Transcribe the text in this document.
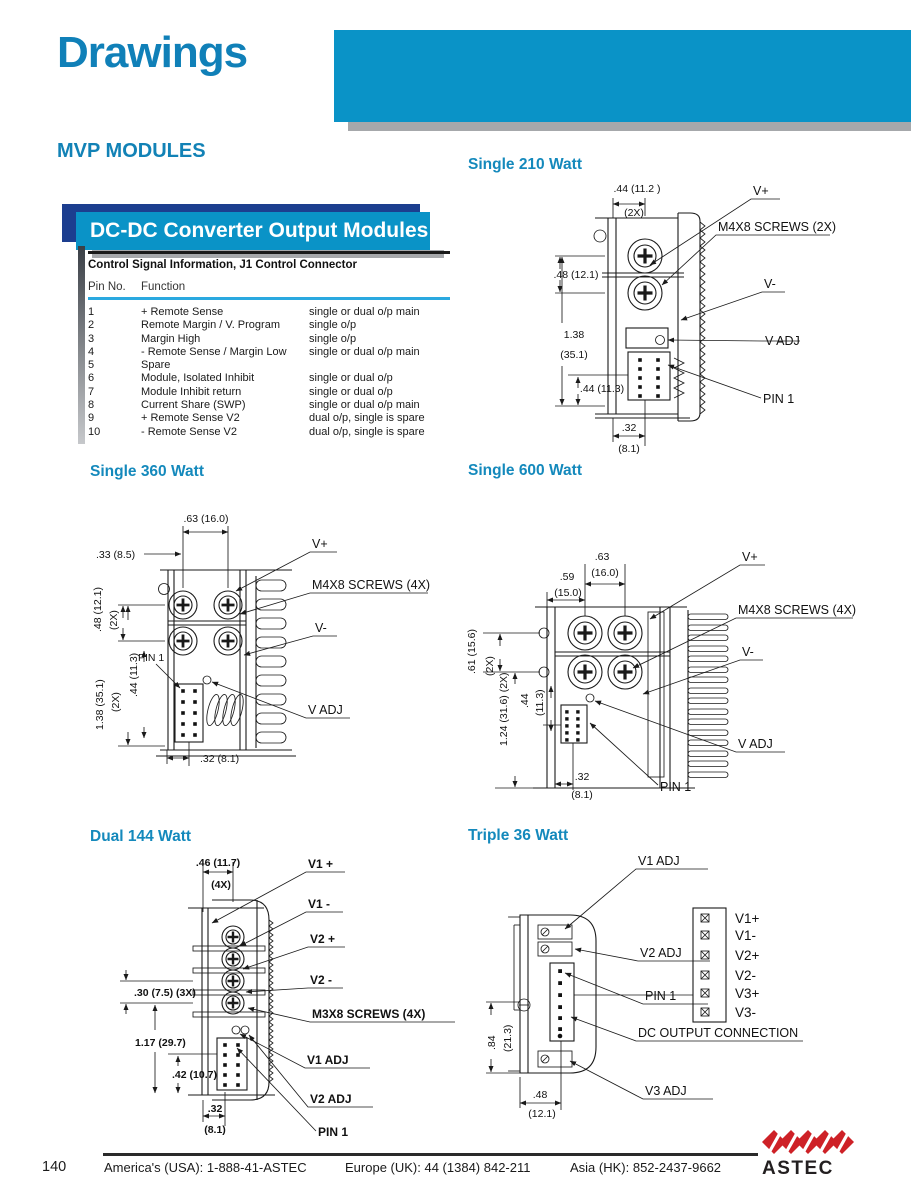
Drawings
MVP MODULES
DC-DC Converter Output Modules
Control Signal Information, J1 Control Connector
Pin No. Function
1	+ Remote Sense	single or dual o/p main
2	Remote Margin / V. Program	single o/p
3	Margin High	single o/p
4	- Remote Sense / Margin Low	single or dual o/p main
5	Spare
6	Module, Isolated Inhibit	single or dual o/p
7	Module Inhibit return	single or dual o/p
8	Current Share (SWP)	single or dual o/p main
9	+ Remote Sense V2	dual o/p, single is spare
10	- Remote Sense V2	dual o/p, single is spare
Single 210 Watt
Single 360 Watt	Single 600 Watt
Dual 144 Watt	Triple 36 Watt
.44 (11.2 )
(2X)
.48 (12.1)
1.38
(35.1)
.44 (11.3)
.32
(8.1)
V+
M4X8 SCREWS (2X)
V-
V ADJ
PIN 1
.63 (16.0)
.33 (8.5)
.48 (12.1) (2X)
1.38 (35.1) (2X)
.44 (11.3)
PIN 1
.32 (8.1)
V+
M4X8 SCREWS (4X)
V-
V ADJ
.63
(16.0)
.59
(15.0)
.61 (15.6) (2X)
1.24 (31.6) (2X) .44 (11.3)
.32
(8.1)
V+
M4X8 SCREWS (4X)
V-
V ADJ
PIN 1
.46 (11.7)
(4X)
.30 (7.5) (3X)
1.17 (29.7)
.42 (10.7)
.32
(8.1)
V1 +
V1 -
V2 +
V2 -
M3X8 SCREWS (4X)
V1 ADJ
V2 ADJ
PIN 1
V1+
V1-
V2+
V2-
V3+
V3-
.84 (21.3)
.48
(12.1)
V1 ADJ
V2 ADJ
PIN 1
DC OUTPUT CONNECTION
V3 ADJ
140	America's (USA): 1-888-41-ASTEC	Europe (UK): 44 (1384) 842-211	Asia (HK): 852-2437-9662 ASTEC
